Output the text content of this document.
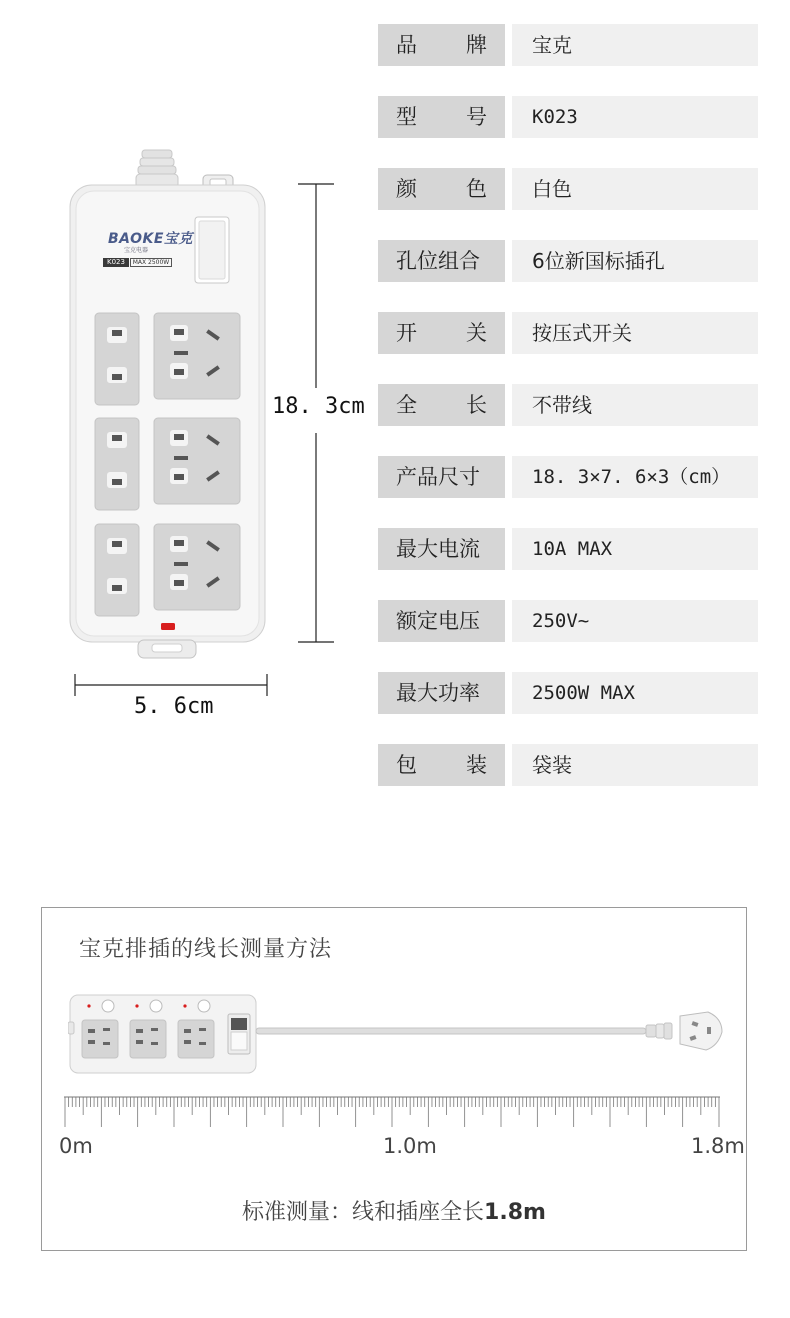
BAOKE宝克
宝克电器
K023	MAX 2500W
18. 3cm
5. 6cm
品　牌	宝克
型　号	K023
颜　色	白色
孔位组合	6位新国标插孔
开　关	按压式开关
全　长	不带线
产品尺寸	18. 3×7. 6×3（cm）
最大电流	10A MAX
额定电压	250V~
最大功率	2500W MAX
包　装	袋装
宝克排插的线长测量方法
0m	1.0m	1.8m
标准测量：线和插座全长1.8m
